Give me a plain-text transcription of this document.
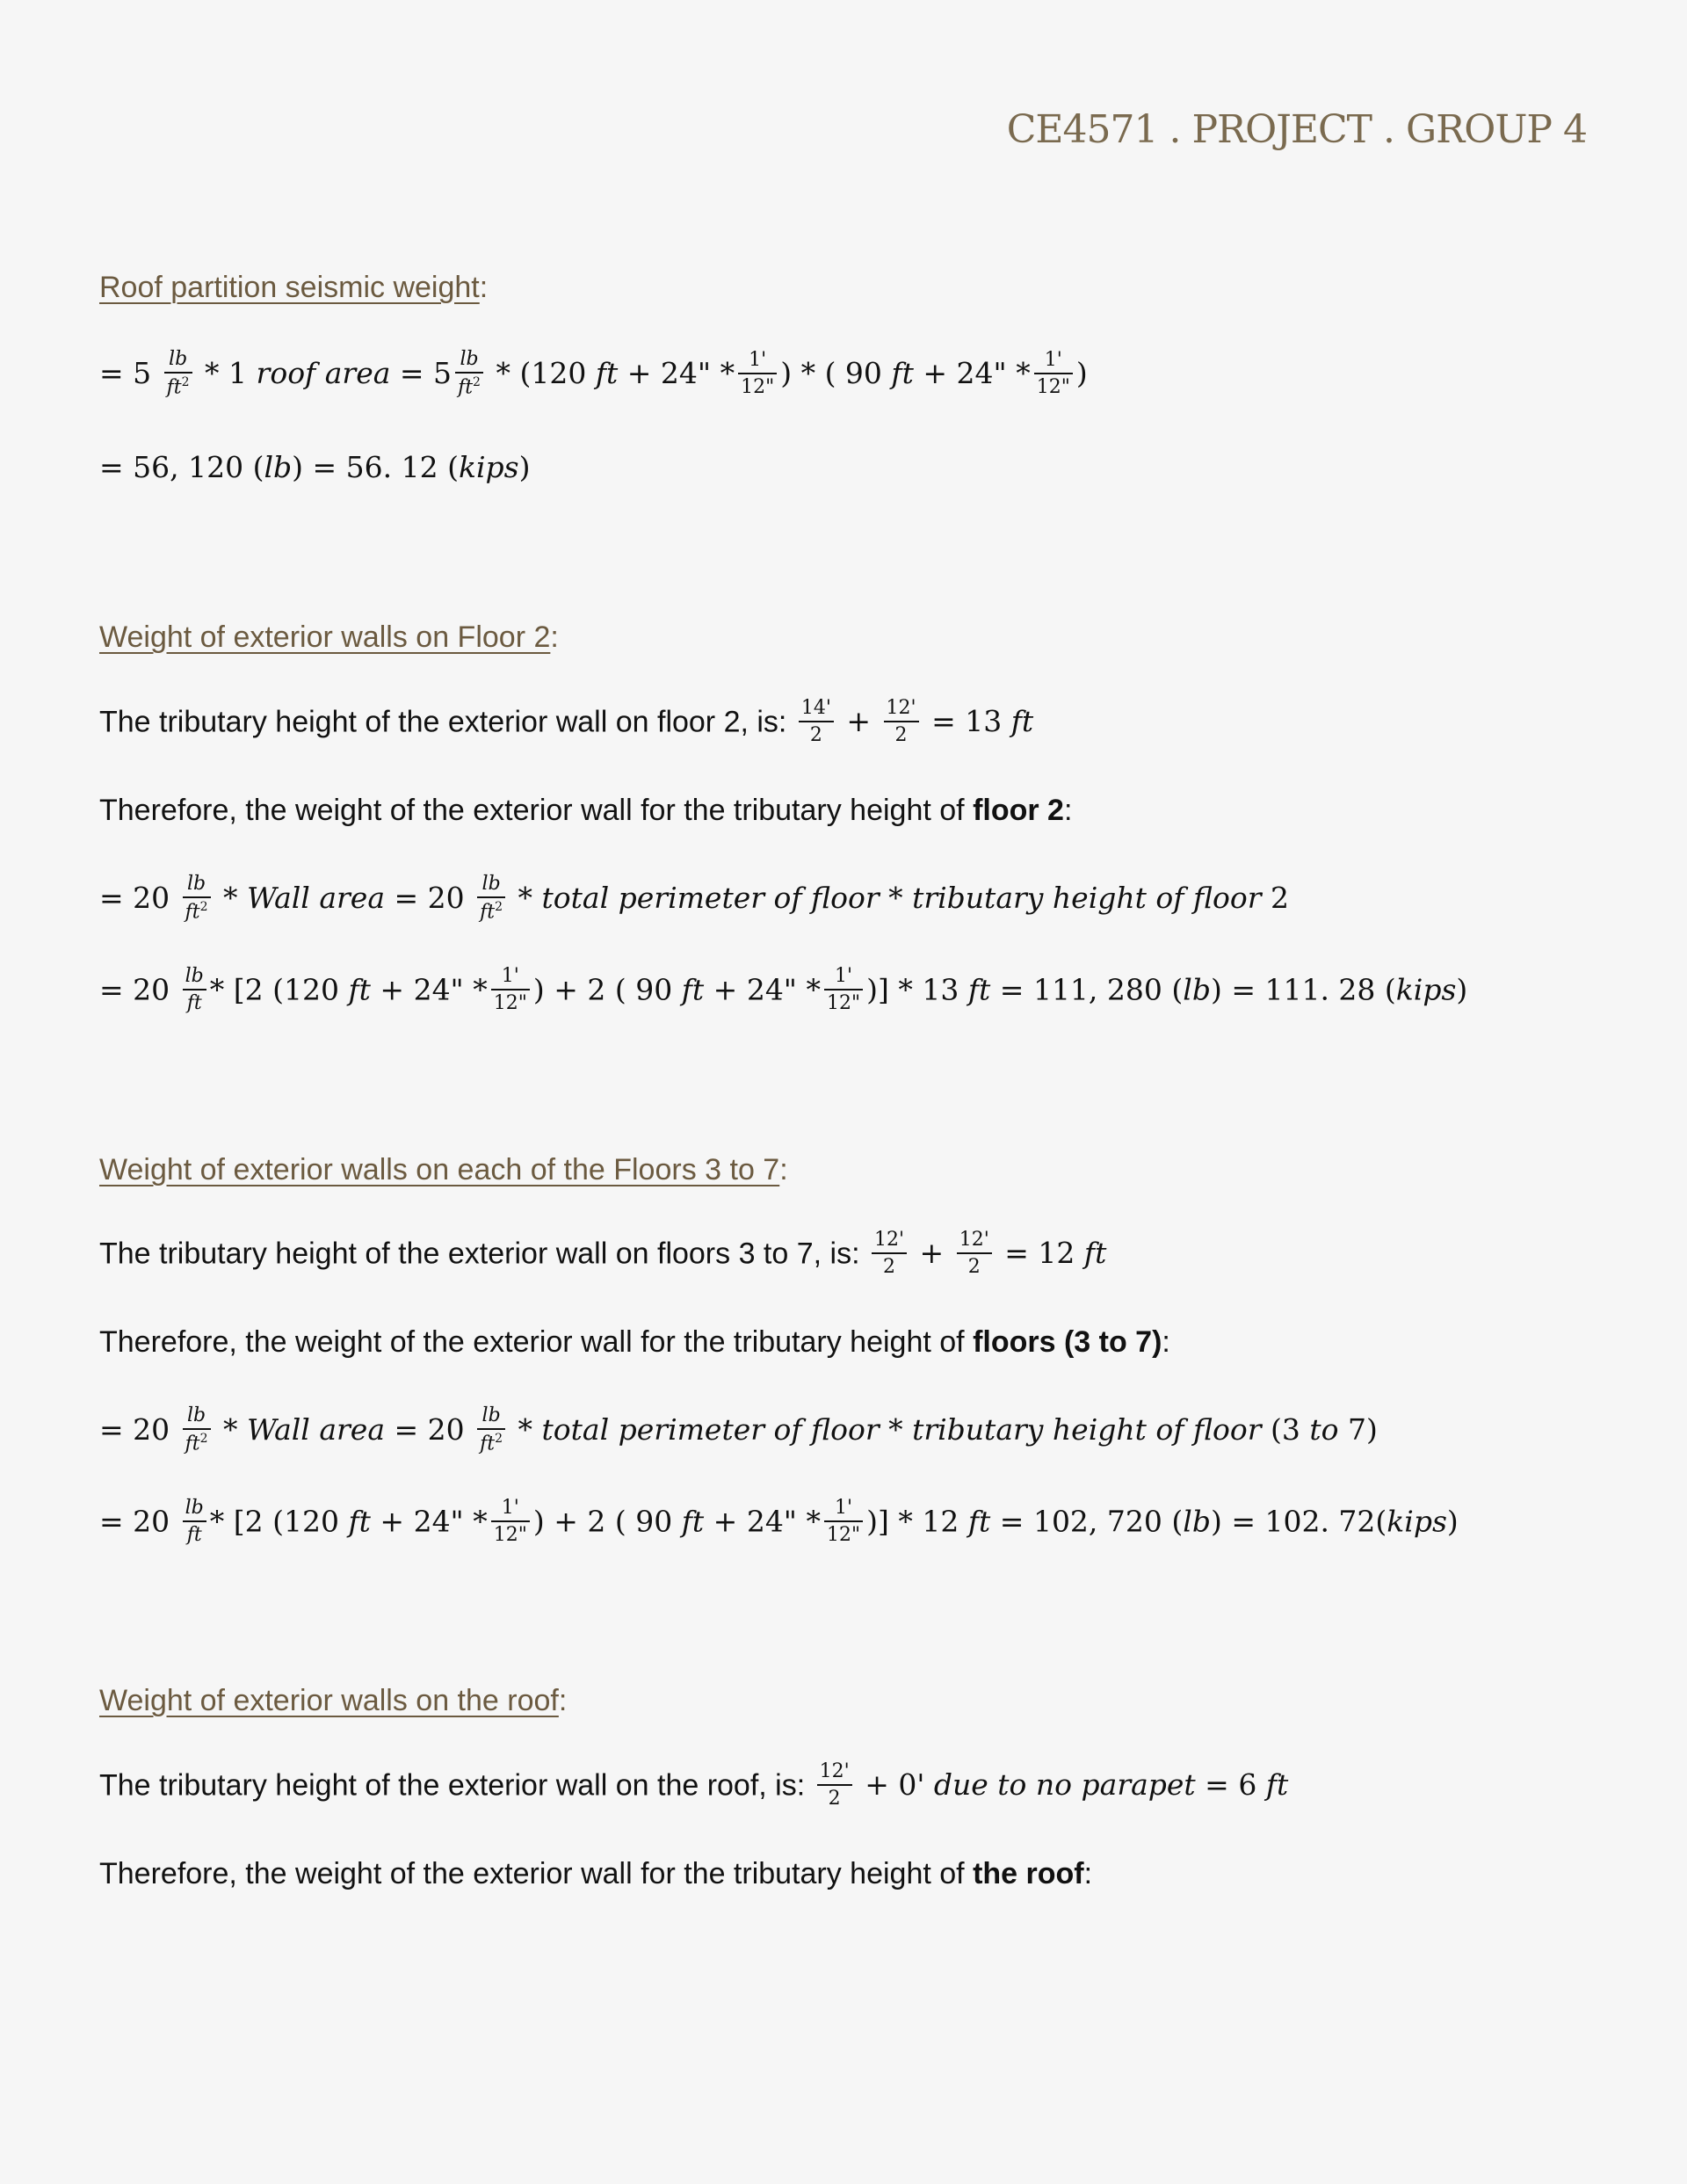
CE4571 . PROJECT . GROUP 4
Roof partition seismic weight:
= $5 \frac{lb}{ft^2} * 1$ roof area = $5 \frac{lb}{ft^2} * (120$ ft + 24" * $\frac{1'}{12"}$ ) * ( 90 ft + 24" * $\frac{1'}{12"}$ )
= 56, 120 (lb) = 56. 12 (kips)
Weight of exterior walls on Floor 2:
The tributary height of the exterior wall on floor 2, is: $\frac{14'}{2} + \frac{12'}{2} = 13$ ft
Therefore, the weight of the exterior wall for the tributary height of floor 2:
= $20 \frac{lb}{ft^2}$ * Wall area = $20 \frac{lb}{ft^2}$ * total perimeter of floor * tributary height of floor 2
= $20 \frac{lb}{ft} * [2$ (120 ft + 24" * $\frac{1'}{12"}$ ) + 2 ( 90 ft + 24" * $\frac{1'}{12"}$ )] * 13 ft = 111, 280 (lb) = 111. 28 (kips)
Weight of exterior walls on each of the Floors 3 to 7:
The tributary height of the exterior wall on floors 3 to 7, is: $\frac{12'}{2} + \frac{12'}{2} = 12$ ft
Therefore, the weight of the exterior wall for the tributary height of floors (3 to 7):
= $20 \frac{lb}{ft^2}$ * Wall area = $20 \frac{lb}{ft^2}$ * total perimeter of floor * tributary height of floor (3 to 7)
= $20 \frac{lb}{ft} * [2$ (120 ft + 24" * $\frac{1'}{12"}$ ) + 2 ( 90 ft + 24" * $\frac{1'}{12"}$ )] * 12 ft = 102, 720 (lb) = 102. 72(kips)
Weight of exterior walls on the roof:
The tributary height of the exterior wall on the roof, is: $\frac{12'}{2} + 0'$ due to no parapet = 6 ft
Therefore, the weight of the exterior wall for the tributary height of the roof:
